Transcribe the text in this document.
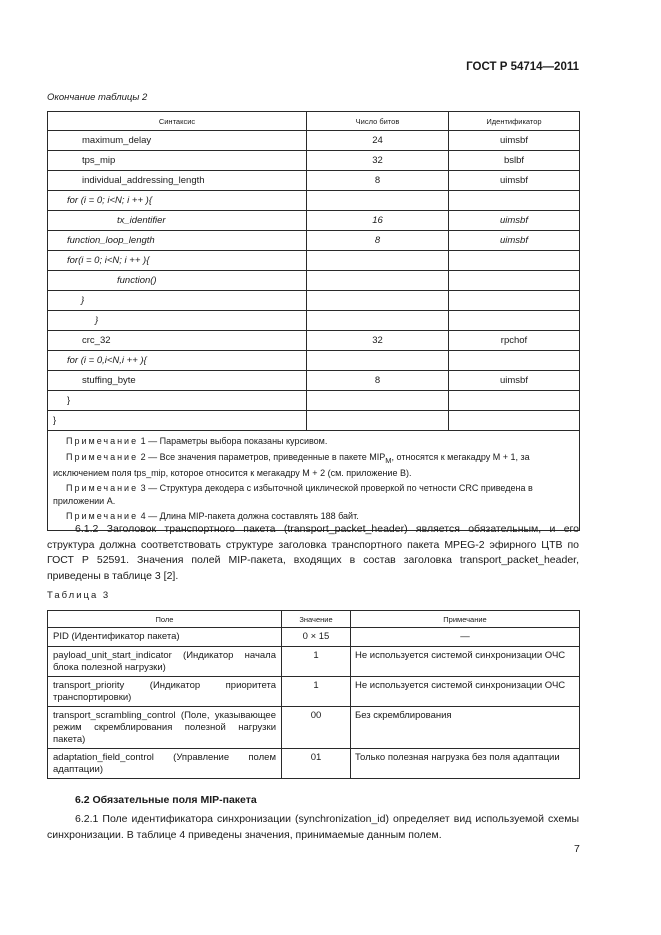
ГОСТ Р 54714—2011
Окончание таблицы 2
Синтаксис	Число битов	Идентификатор
maximum_delay	24	uimsbf
tps_mip	32	bslbf
individual_addressing_length	8	uimsbf
for (i = 0; i<N; i ++ ){		
tx_identifier	16	uimsbf
function_loop_length	8	uimsbf
for(i = 0; i<N; i ++ ){		
function()		
}		
}		
crc_32	32	rpchof
for (i = 0,i<N,i ++ ){		
stuffing_byte	8	uimsbf
}		
}		

Примечание 1 — Параметры выбора показаны курсивом.

Примечание 2 — Все значения параметров, приведенные в пакете $MIP_M$, относятся к мегакадру M + 1, за исключением поля tps_mip, которое относится к мегакадру M + 2 (см. приложение В).

Примечание 3 — Структура декодера с избыточной циклической проверкой по четности CRC приведена в приложении А.

Примечание 4 — Длина MIP-пакета должна составлять 188 байт.		

6.1.2 Заголовок транспортного пакета (transport_packet_header) является обязательным, и его структура должна соответствовать структуре заголовка транспортного пакета MPEG-2 эфирного ЦТВ по ГОСТ Р 52591. Значения полей MIP-пакета, входящих в состав заголовка transport_packet_header, приведены в таблице 3 [2].

Таблица 3
Поле	Значение	Примечание
PID (Идентификатор пакета)	0 × 15	—
payload_unit_start_indicator (Индикатор начала блока полезной нагрузки)	1	Не используется системой синхронизации ОЧС
transport_priority (Индикатор приоритета транспортировки)	1	Не используется системой синхронизации ОЧС
transport_scrambling_control (Поле, указывающее режим скремблирования полезной нагрузки пакета)	00	Без скремблирования
adaptation_field_control (Управление полем адаптации)	01	Только полезная нагрузка без поля адаптации
6.2 Обязательные поля MIP-пакета

6.2.1 Поле идентификатора синхронизации (synchronization_id) определяет вид используемой схемы синхронизации. В таблице 4 приведены значения, принимаемые данным полем.

7
